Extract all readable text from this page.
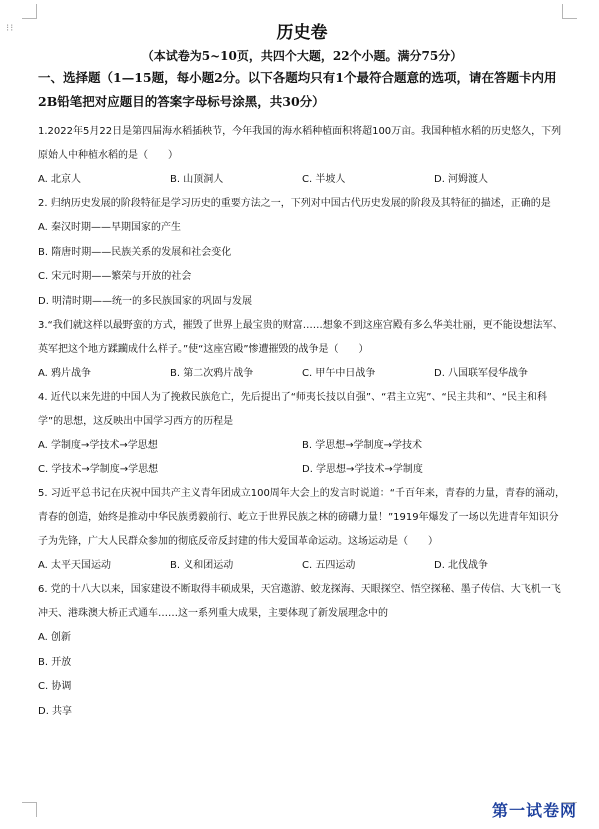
⁝⁝	历史卷
（本试卷为5~10页，共四个大题，22个小题。满分75分）
一、选择题（1—15题，每小题2分。以下各题均只有1个最符合题意的选项，请在答题卡内用2B铅笔把对应题目的答案字母标号涂黑，共30分）
1.2022年5月22日是第四届海水稻插秧节，今年我国的海水稻种植面积将超100万亩。我国种植水稻的历史悠久，下列原始人中种植水稻的是（　　）
A. 北京人	B. 山顶洞人	C. 半坡人	D. 河姆渡人
2. 归纳历史发展的阶段特征是学习历史的重要方法之一，下列对中国古代历史发展的阶段及其特征的描述，正确的是
A. 秦汉时期——早期国家的产生
B. 隋唐时期——民族关系的发展和社会变化
C. 宋元时期——繁荣与开放的社会
D. 明清时期——统一的多民族国家的巩固与发展
3.“我们就这样以最野蛮的方式，摧毁了世界上最宝贵的财富……想象不到这座宫殿有多么华美壮丽，更不能设想法军、英军把这个地方蹂躏成什么样子。”使“这座宫殿”惨遭摧毁的战争是（　　）
A. 鸦片战争	B. 第二次鸦片战争	C. 甲午中日战争	D. 八国联军侵华战争
4. 近代以来先进的中国人为了挽救民族危亡，先后提出了“师夷长技以自强”、“君主立宪”、“民主共和”、“民主和科学”的思想，这反映出中国学习西方的历程是
A. 学制度→学技术→学思想	B. 学思想→学制度→学技术
C. 学技术→学制度→学思想	D. 学思想→学技术→学制度
5. 习近平总书记在庆祝中国共产主义青年团成立100周年大会上的发言时说道：“千百年来，青春的力量，青春的涌动，青春的创造，始终是推动中华民族勇毅前行、屹立于世界民族之林的磅礴力量！”1919年爆发了一场以先进青年知识分子为先锋，广大人民群众参加的彻底反帝反封建的伟大爱国革命运动。这场运动是（　　）
A. 太平天国运动	B. 义和团运动	C. 五四运动	D. 北伐战争
6. 党的十八大以来，国家建设不断取得丰硕成果，天宫遨游、蛟龙探海、天眼探空、悟空探秘、墨子传信、大飞机一飞冲天、港珠澳大桥正式通车……这一系列重大成果，主要体现了新发展理念中的
A. 创新
B. 开放
C. 协调
D. 共享
第一试卷网
